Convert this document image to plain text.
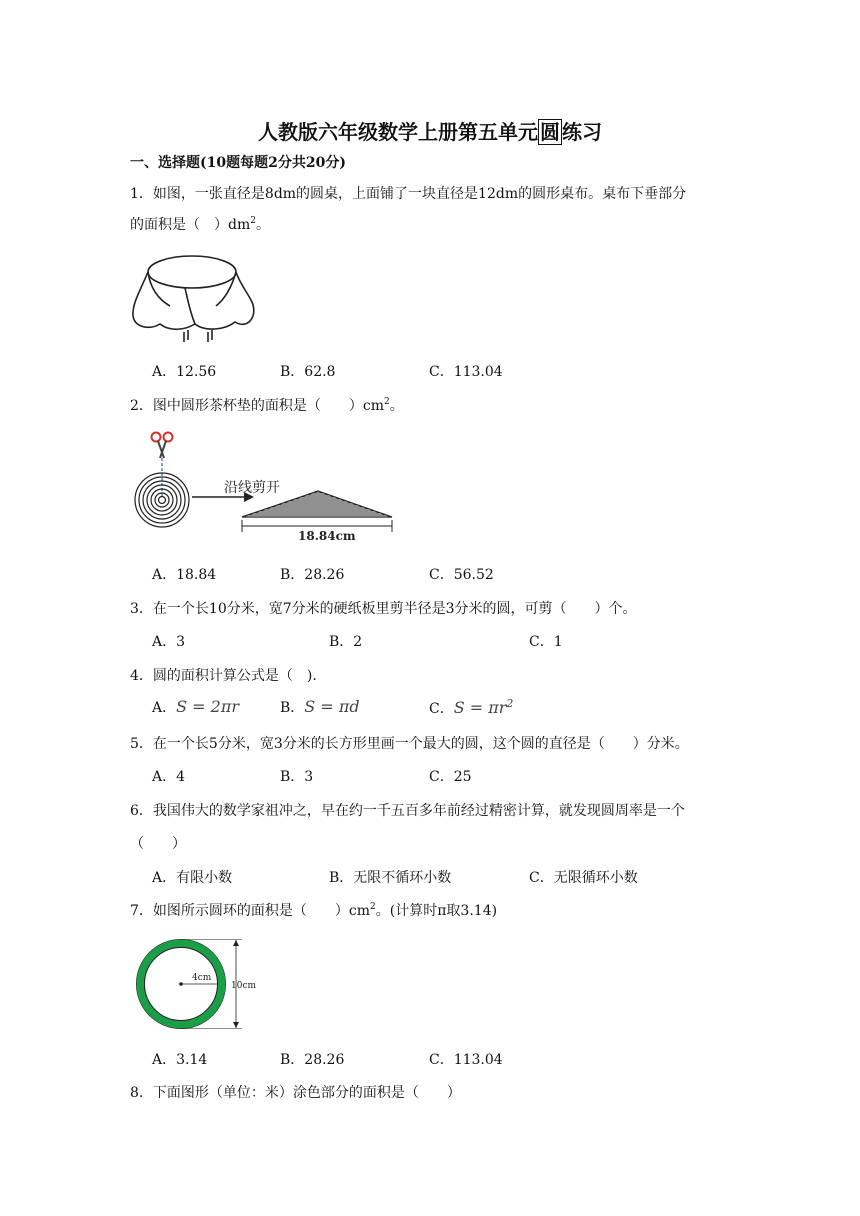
人教版六年级数学上册第五单元 圆 练习
一、选择题(10题每题2分共20分)
1．如图，一张直径是8dm的圆桌，上面铺了一块直径是12dm的圆形桌布。桌布下垂部分
的面积是（　）$dm^2$。
A．12.56	B．62.8	C．113.04
2．图中圆形茶杯垫的面积是（　　）$cm^2$。
沿线剪开
18.84cm
A．18.84	B．28.26	C．56.52
3．在一个长10分米，宽7分米的硬纸板里剪半径是3分米的圆，可剪（　　）个。
A．3	B．2	C．1
4．圆的面积计算公式是（　).
A．S = 2πr	B．S = πd	C．$S = \pi r^2$
5．在一个长5分米，宽3分米的长方形里画一个最大的圆，这个圆的直径是（　　）分米。
A．4	B．3	C．25
6．我国伟大的数学家祖冲之，早在约一千五百多年前经过精密计算，就发现圆周率是一个
（　　）
A．有限小数	B．无限不循环小数	C．无限循环小数
7．如图所示圆环的面积是（　　）$cm^2$。(计算时π取3.14)
4cm
10cm
A．3.14	B．28.26	C．113.04
8．下面图形（单位：米）涂色部分的面积是（　　）
